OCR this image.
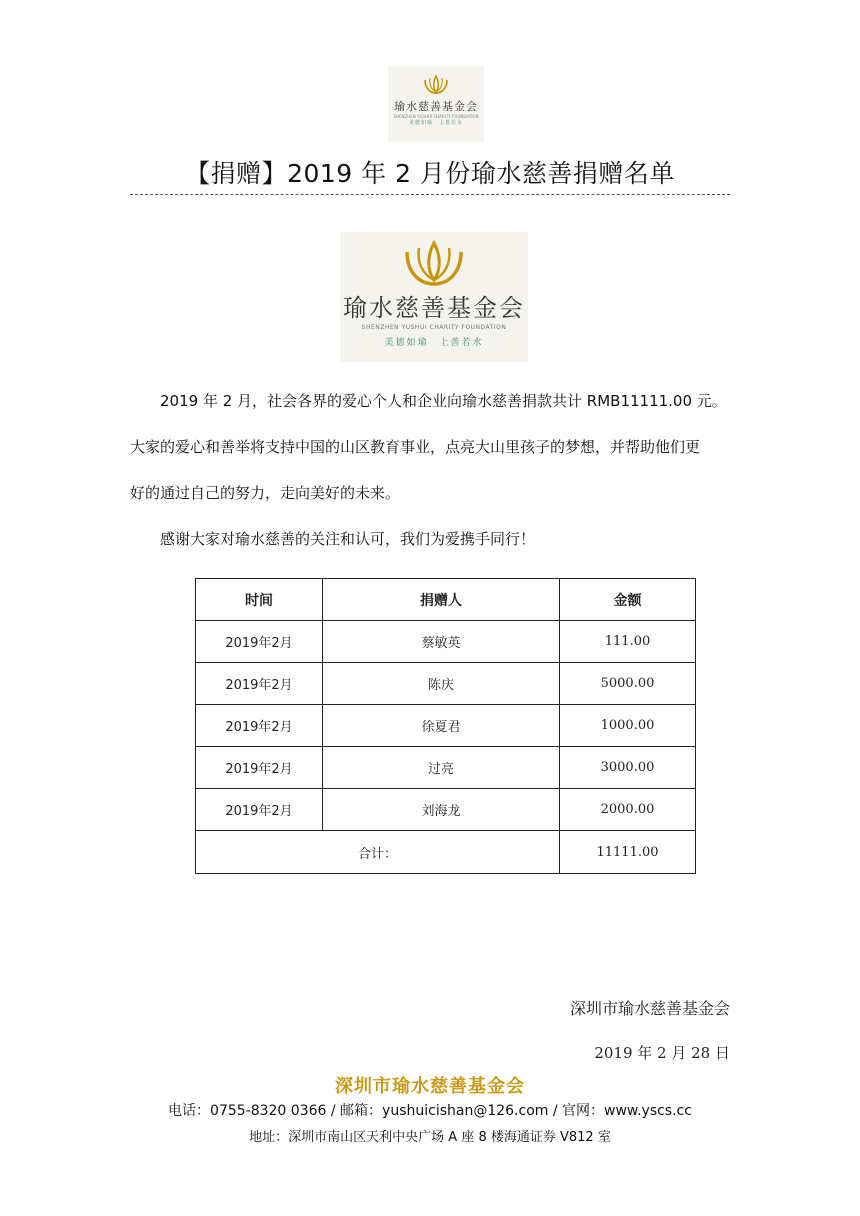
瑜水慈善基金会
SHENZHEN YUSHUI CHARITY FOUNDATION
美德如瑜　上善若水
【捐赠】2019 年 2 月份瑜水慈善捐赠名单
瑜水慈善基金会
SHENZHEN YUSHUI CHARITY FOUNDATION
美德如瑜　上善若水
2019 年 2 月，社会各界的爱心个人和企业向瑜水慈善捐款共计 RMB11111.00 元。
大家的爱心和善举将支持中国的山区教育事业，点亮大山里孩子的梦想，并帮助他们更
好的通过自己的努力，走向美好的未来。
感谢大家对瑜水慈善的关注和认可，我们为爱携手同行！
时间	捐赠人	金额
2019年2月	蔡敏英	111.00
2019年2月	陈庆	5000.00
2019年2月	徐夏君	1000.00
2019年2月	过亮	3000.00
2019年2月	刘海龙	2000.00
合计：		11111.00
深圳市瑜水慈善基金会
2019 年 2 月 28 日
深圳市瑜水慈善基金会
电话：0755-8320 0366 / 邮箱：yushuicishan@126.com / 官网：www.yscs.cc
地址：深圳市南山区天利中央广场 A 座 8 楼海通证券 V812 室
